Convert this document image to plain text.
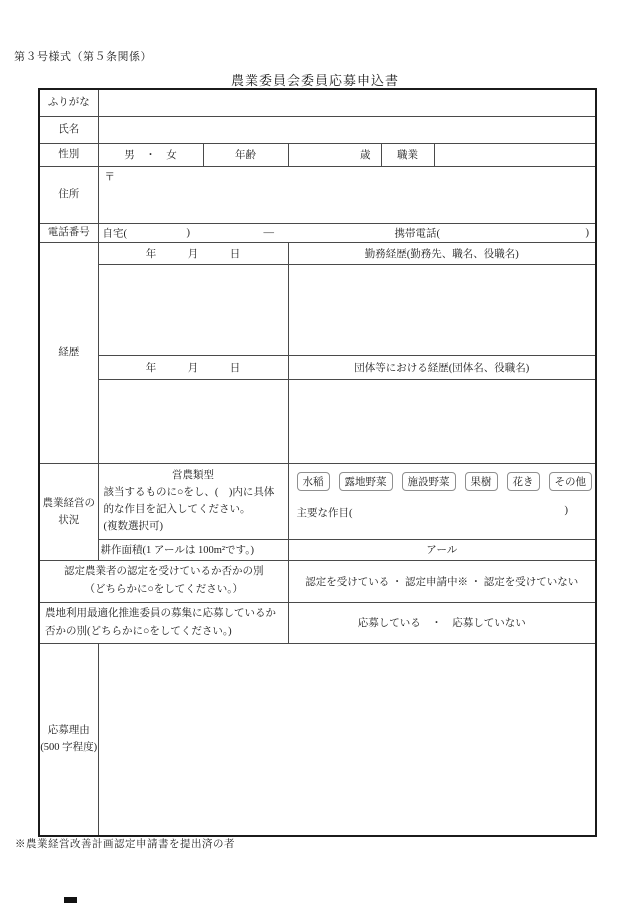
第３号様式（第５条関係）
農業委員会委員応募申込書
ふりがな					
氏名					
性別	男　・　女	年齢	歳	職業	
住所	〒				
電話番号	自宅( ) ― 携帯電話( )				

経歴	年　　　月　　　日		勤務経歴(勤務先、職名、役職名)		

	年　　　月　　　日		団体等における経歴(団体名、役職名)		

農業経営の
状況

営農類型
該当するものに○をし、(　)内に具体的な作目を記入してください。
(複数選択可)

水稲	露地野菜	施設野菜	果樹	花き	その他
主要な作目(	)

	耕作面積(1 アールは 100m²です。)		アール		

認定農業者の認定を受けているか否かの別
（どちらかに○をしてください。）			認定を受けている ・ 認定申請中※ ・ 認定を受けていない		
農地利用最適化推進委員の募集に応募しているか否かの別(どちらかに○をしてください。)			応募している　・　応募していない		

応募理由
(500 字程度)					

※農業経営改善計画認定申請書を提出済の者
